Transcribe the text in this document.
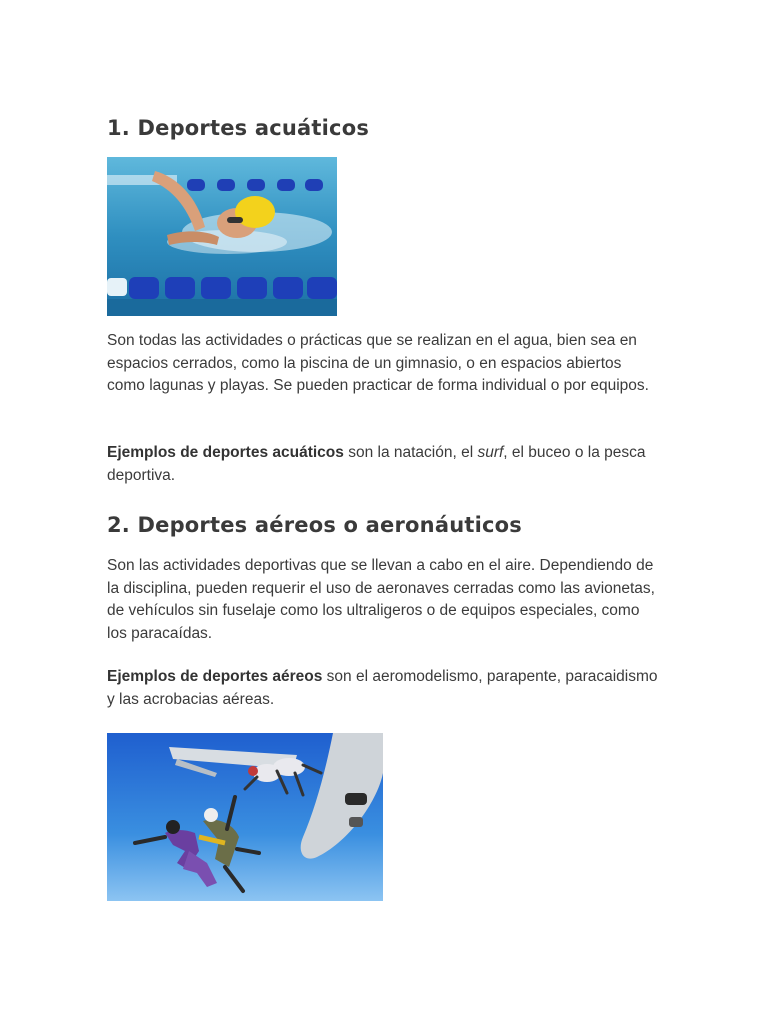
1. Deportes acuáticos

Son todas las actividades o prácticas que se realizan en el agua, bien sea en espacios cerrados, como la piscina de un gimnasio, o en espacios abiertos como lagunas y playas. Se pueden practicar de forma individual o por equipos.

Ejemplos de deportes acuáticos son la natación, el surf, el buceo o la pesca deportiva.

2. Deportes aéreos o aeronáuticos

Son las actividades deportivas que se llevan a cabo en el aire. Dependiendo de la disciplina, pueden requerir el uso de aeronaves cerradas como las avionetas, de vehículos sin fuselaje como los ultraligeros o de equipos especiales, como los paracaídas.

Ejemplos de deportes aéreos son el aeromodelismo, parapente, paracaidismo y las acrobacias aéreas.
